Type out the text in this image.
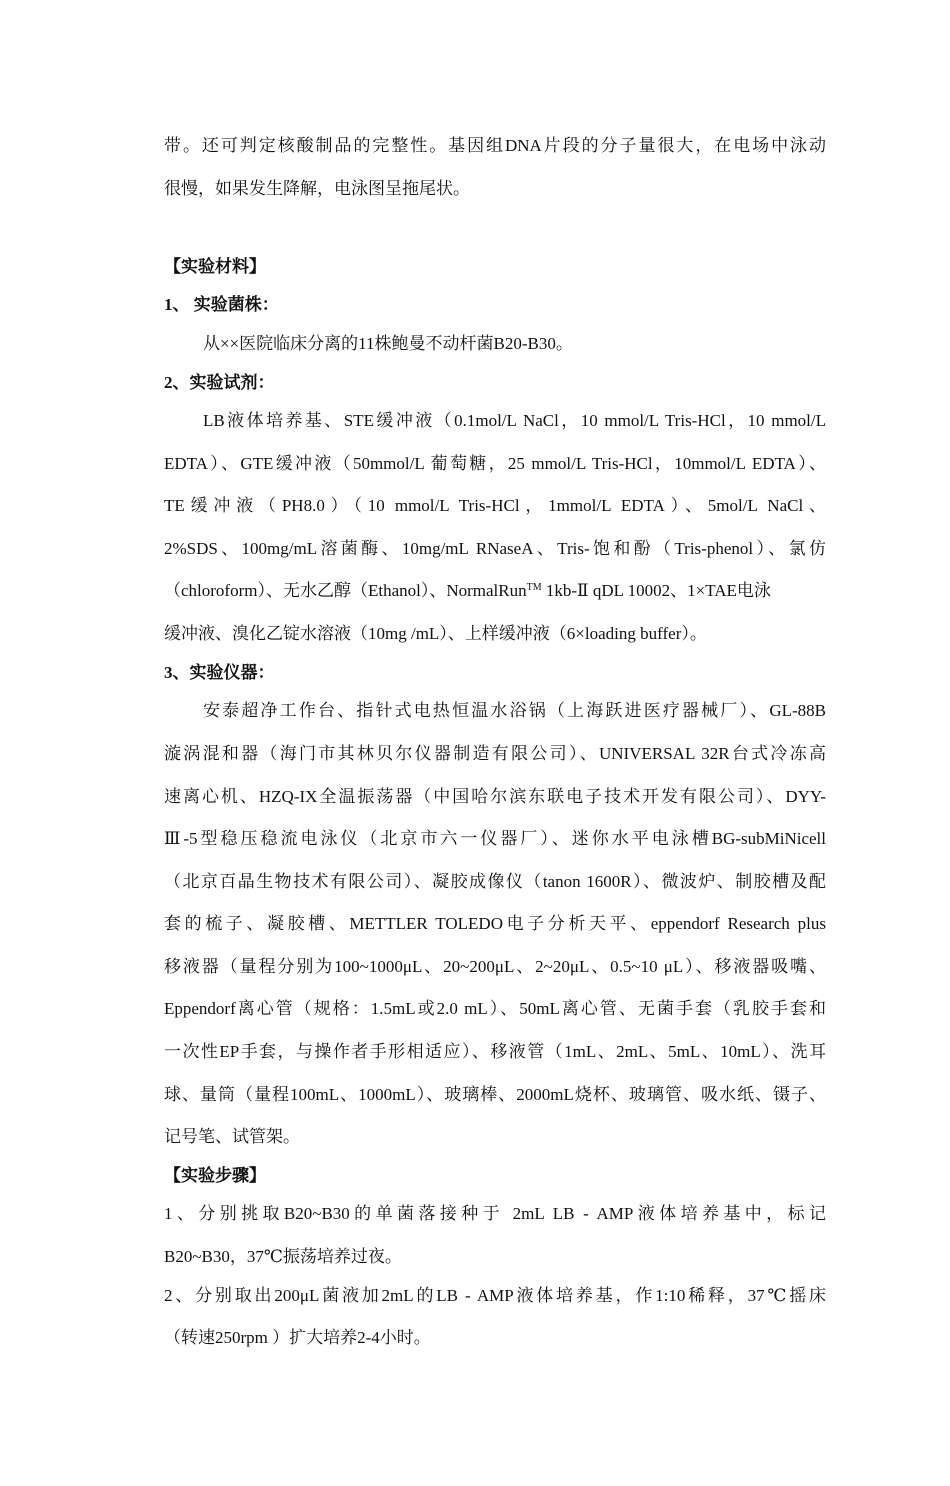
带。还可判定核酸制品的完整性。基因组DNA片段的分子量很大，在电场中泳动
很慢，如果发生降解，电泳图呈拖尾状。
【实验材料】
1、 实验菌株：
从××医院临床分离的11株鲍曼不动杆菌B20-B30。
2、实验试剂：
LB液体培养基、STE缓冲液（0.1mol/L NaCl，10 mmol/L Tris-HCl，10 mmol/L
EDTA）、GTE缓冲液（50mmol/L 葡萄糖，25 mmol/L Tris-HCl，10mmol/L EDTA）、
TE缓冲液（PH8.0）（10 mmol/L Tris-HCl，1mmol/L EDTA）、5mol/L NaCl、
2%SDS、100mg/mL溶菌酶、10mg/mL RNaseA、Tris-饱和酚（Tris-phenol）、氯仿
（chloroform）、无水乙醇（Ethanol）、NormalRun™ 1kb-Ⅱ qDL 10002、1×TAE电泳
缓冲液、溴化乙锭水溶液（10mg /mL）、上样缓冲液（6×loading buffer）。
3、实验仪器：
安泰超净工作台、指针式电热恒温水浴锅（上海跃进医疗器械厂）、GL-88B
漩涡混和器（海门市其林贝尔仪器制造有限公司）、UNIVERSAL 32R台式冷冻高
速离心机、HZQ-IX全温振荡器（中国哈尔滨东联电子技术开发有限公司）、DYY-
Ⅲ-5型稳压稳流电泳仪（北京市六一仪器厂）、迷你水平电泳槽BG-subMiNicell
（北京百晶生物技术有限公司）、凝胶成像仪（tanon 1600R）、微波炉、制胶槽及配
套的梳子、凝胶槽、METTLER TOLEDO电子分析天平、eppendorf Research plus
移液器（量程分别为100~1000μL、20~200μL、2~20μL、0.5~10 μL）、移液器吸嘴、
Eppendorf离心管（规格：1.5mL或2.0 mL）、50mL离心管、无菌手套（乳胶手套和
一次性EP手套，与操作者手形相适应）、移液管（1mL、2mL、5mL、10mL）、洗耳
球、量筒（量程100mL、1000mL）、玻璃棒、2000mL烧杯、玻璃管、吸水纸、镊子、
记号笔、试管架。
【实验步骤】
1、分别挑取B20~B30的单菌落接种于 2mL LB - AMP液体培养基中，标记
B20~B30，37℃振荡培养过夜。
2、分别取出200μL菌液加2mL的LB - AMP液体培养基，作1:10稀释，37℃摇床
（转速250rpm ）扩大培养2-4小时。
